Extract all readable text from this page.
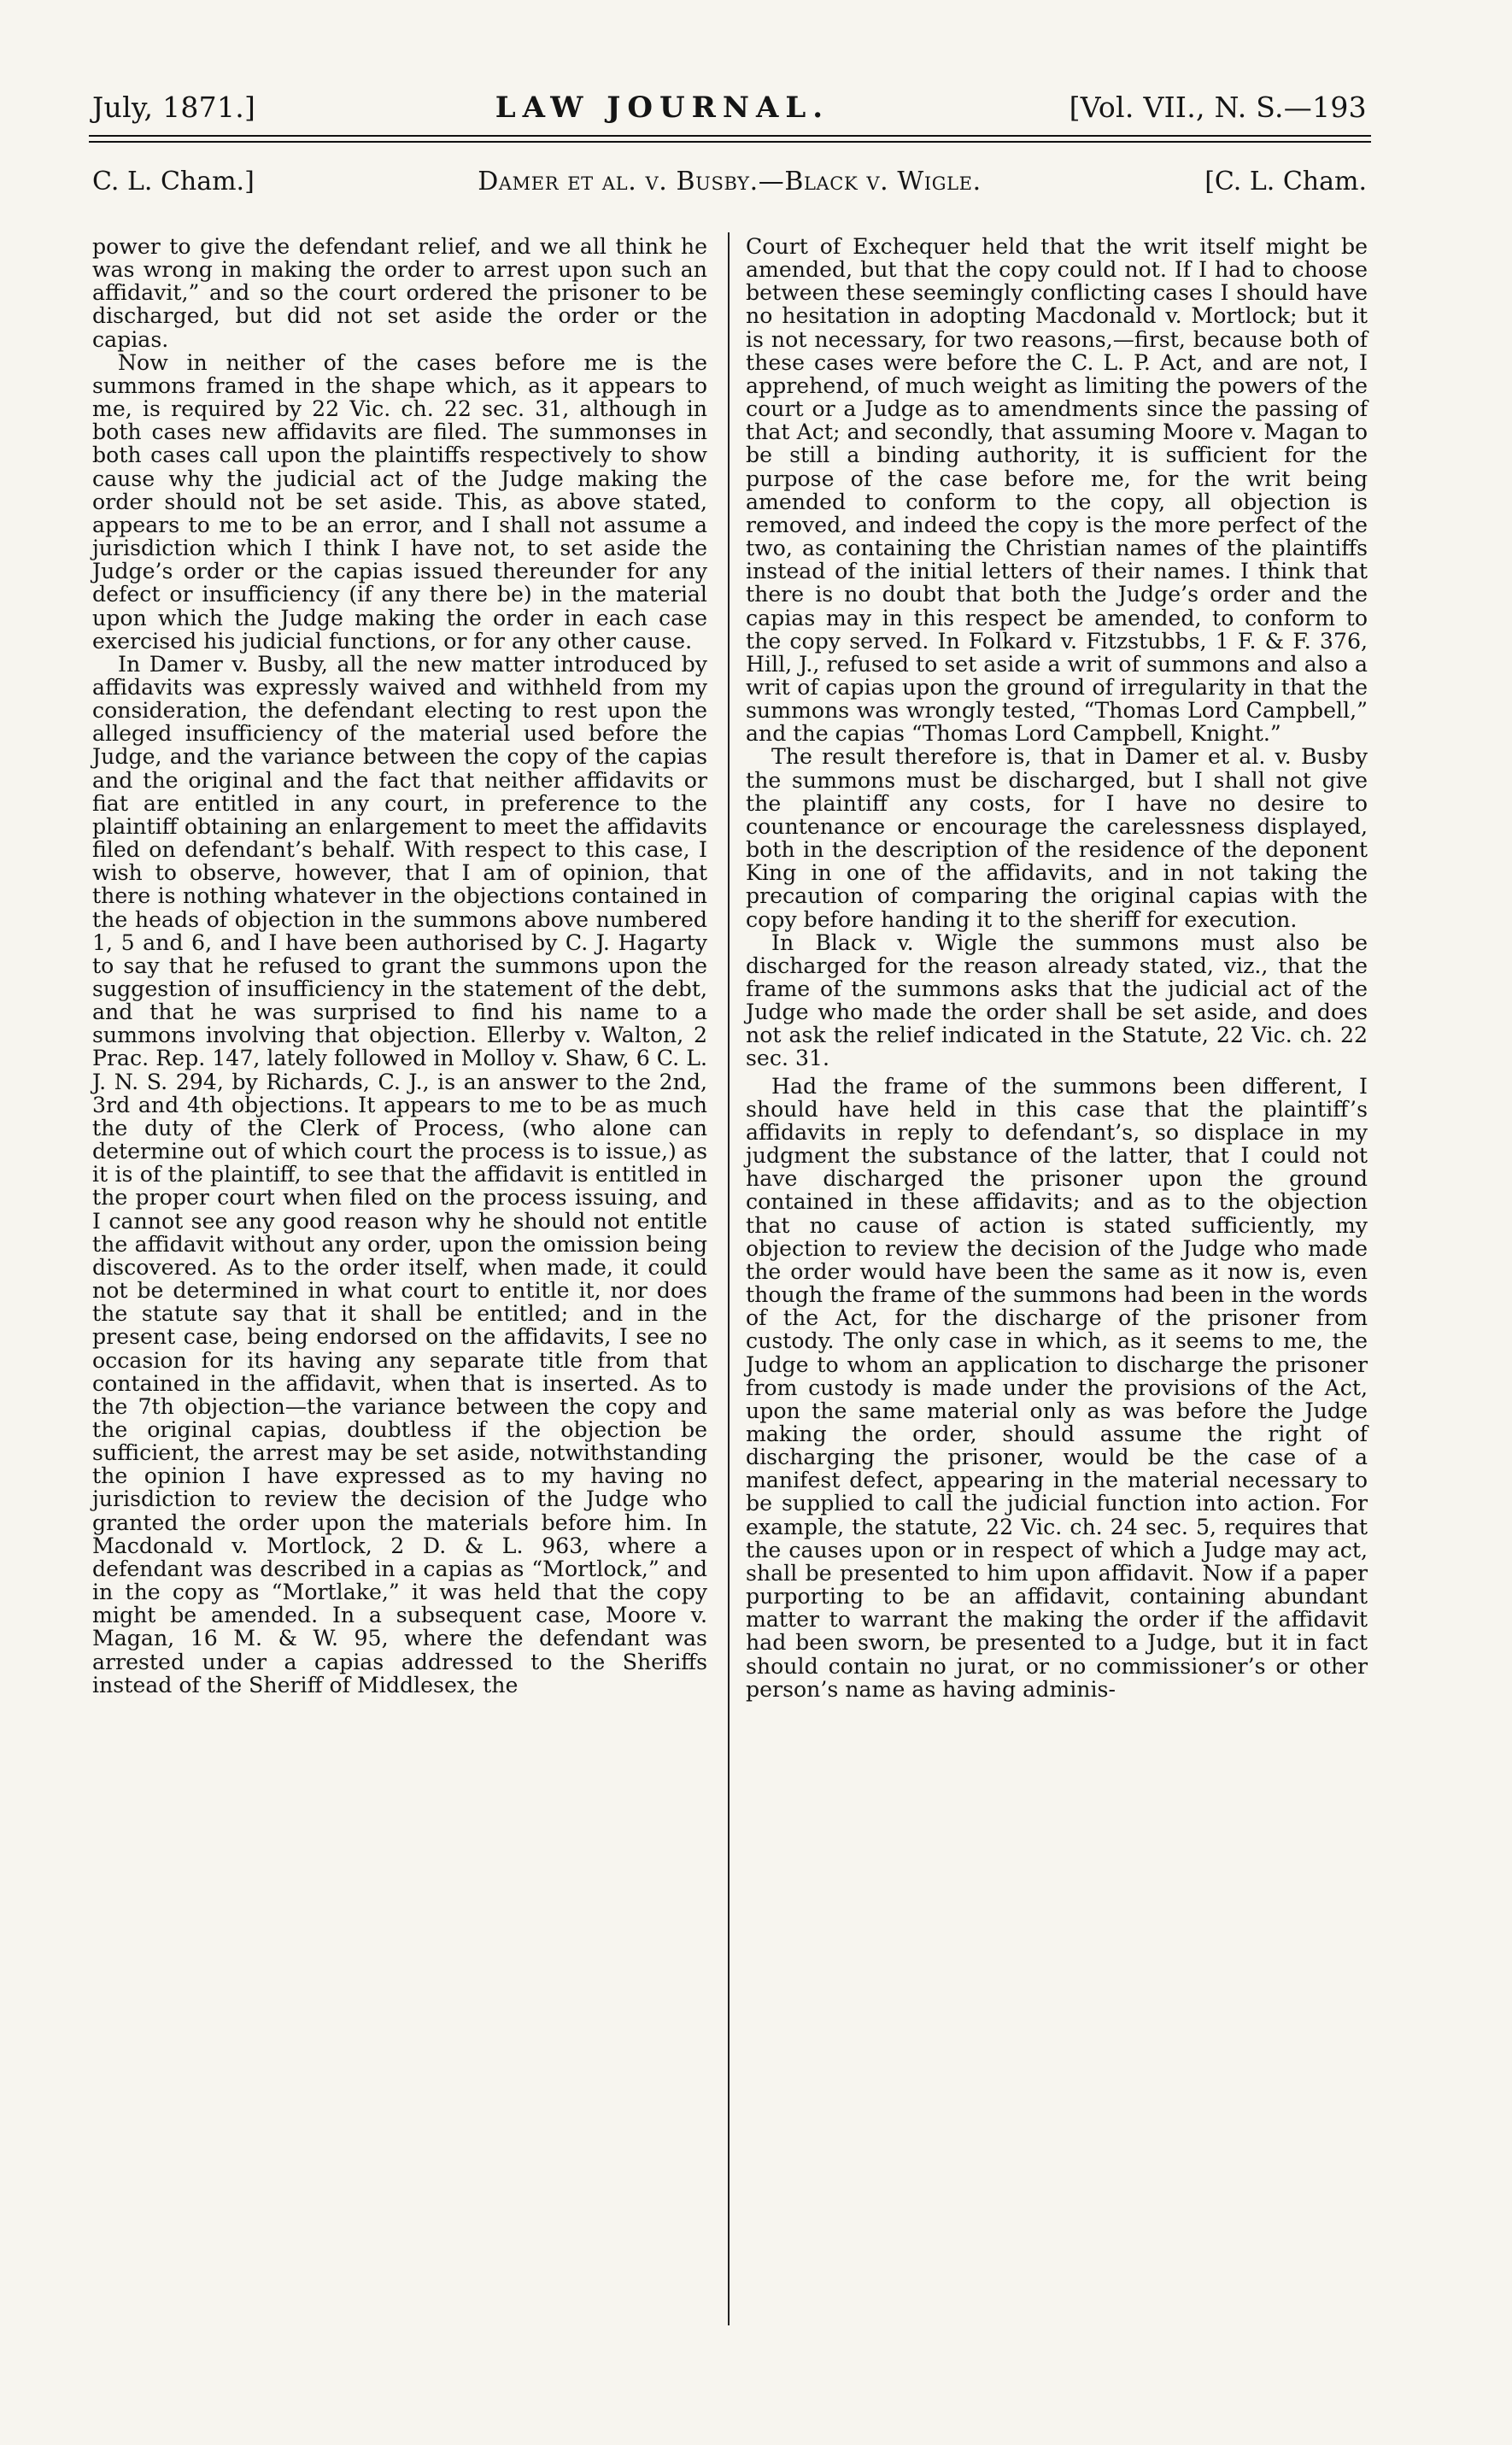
July, 1871.]	LAW JOURNAL.	[Vol. VII., N. S.—193
C. L. Cham.]	Damer et al. v. Busby.—Black v. Wigle.	[C. L. Cham.

power to give the defendant relief, and we all think he was wrong in making the order to arrest upon such an affidavit,” and so the court ordered the prisoner to be discharged, but did not set aside the order or the capias.

Now in neither of the cases before me is the summons framed in the shape which, as it appears to me, is required by 22 Vic. ch. 22 sec. 31, although in both cases new affidavits are filed. The summonses in both cases call upon the plaintiffs respectively to show cause why the judicial act of the Judge making the order should not be set aside. This, as above stated, appears to me to be an error, and I shall not assume a jurisdiction which I think I have not, to set aside the Judge’s order or the capias issued thereunder for any defect or insufficiency (if any there be) in the material upon which the Judge making the order in each case exercised his judicial functions, or for any other cause.

In Damer v. Busby, all the new matter introduced by affidavits was expressly waived and withheld from my consideration, the defendant electing to rest upon the alleged insufficiency of the material used before the Judge, and the variance between the copy of the capias and the original and the fact that neither affidavits or fiat are entitled in any court, in preference to the plaintiff obtaining an enlargement to meet the affidavits filed on defendant’s behalf. With respect to this case, I wish to observe, however, that I am of opinion, that there is nothing whatever in the objections contained in the heads of objection in the summons above numbered 1, 5 and 6, and I have been authorised by C. J. Hagarty to say that he refused to grant the summons upon the suggestion of insufficiency in the statement of the debt, and that he was surprised to find his name to a summons involving that objection. Ellerby v. Walton, 2 Prac. Rep. 147, lately followed in Molloy v. Shaw, 6 C. L. J. N. S. 294, by Richards, C. J., is an answer to the 2nd, 3rd and 4th objections. It appears to me to be as much the duty of the Clerk of Process, (who alone can determine out of which court the process is to issue,) as it is of the plaintiff, to see that the affidavit is entitled in the proper court when filed on the process issuing, and I cannot see any good reason why he should not entitle the affidavit without any order, upon the omission being discovered. As to the order itself, when made, it could not be determined in what court to entitle it, nor does the statute say that it shall be entitled; and in the present case, being endorsed on the affidavits, I see no occasion for its having any separate title from that contained in the affidavit, when that is inserted. As to the 7th objection—the variance between the copy and the original capias, doubtless if the objection be sufficient, the arrest may be set aside, notwithstanding the opinion I have expressed as to my having no jurisdiction to review the decision of the Judge who granted the order upon the materials before him. In Macdonald v. Mortlock, 2 D. & L. 963, where a defendant was described in a capias as “Mortlock,” and in the copy as “Mortlake,” it was held that the copy might be amended. In a subsequent case, Moore v. Magan, 16 M. & W. 95, where the defendant was arrested under a capias addressed to the Sheriffs instead of the Sheriff of Middlesex, the

Court of Exchequer held that the writ itself might be amended, but that the copy could not. If I had to choose between these seemingly conflicting cases I should have no hesitation in adopting Macdonald v. Mortlock; but it is not necessary, for two reasons,—first, because both of these cases were before the C. L. P. Act, and are not, I apprehend, of much weight as limiting the powers of the court or a Judge as to amendments since the passing of that Act; and secondly, that assuming Moore v. Magan to be still a binding authority, it is sufficient for the purpose of the case before me, for the writ being amended to conform to the copy, all objection is removed, and indeed the copy is the more perfect of the two, as containing the Christian names of the plaintiffs instead of the initial letters of their names. I think that there is no doubt that both the Judge’s order and the capias may in this respect be amended, to conform to the copy served. In Folkard v. Fitzstubbs, 1 F. & F. 376, Hill, J., refused to set aside a writ of summons and also a writ of capias upon the ground of irregularity in that the summons was wrongly tested, “Thomas Lord Campbell,” and the capias “Thomas Lord Campbell, Knight.”

The result therefore is, that in Damer et al. v. Busby the summons must be discharged, but I shall not give the plaintiff any costs, for I have no desire to countenance or encourage the carelessness displayed, both in the description of the residence of the deponent King in one of the affidavits, and in not taking the precaution of comparing the original capias with the copy before handing it to the sheriff for execution.

In Black v. Wigle the summons must also be discharged for the reason already stated, viz., that the frame of the summons asks that the judicial act of the Judge who made the order shall be set aside, and does not ask the relief indicated in the Statute, 22 Vic. ch. 22 sec. 31.

Had the frame of the summons been different, I should have held in this case that the plaintiff’s affidavits in reply to defendant’s, so displace in my judgment the substance of the latter, that I could not have discharged the prisoner upon the ground contained in these affidavits; and as to the objection that no cause of action is stated sufficiently, my objection to review the decision of the Judge who made the order would have been the same as it now is, even though the frame of the summons had been in the words of the Act, for the discharge of the prisoner from custody. The only case in which, as it seems to me, the Judge to whom an application to discharge the prisoner from custody is made under the provisions of the Act, upon the same material only as was before the Judge making the order, should assume the right of discharging the prisoner, would be the case of a manifest defect, appearing in the material necessary to be supplied to call the judicial function into action. For example, the statute, 22 Vic. ch. 24 sec. 5, requires that the causes upon or in respect of which a Judge may act, shall be presented to him upon affidavit. Now if a paper purporting to be an affidavit, containing abundant matter to warrant the making the order if the affidavit had been sworn, be presented to a Judge, but it in fact should contain no jurat, or no commissioner’s or other person’s name as having adminis-
